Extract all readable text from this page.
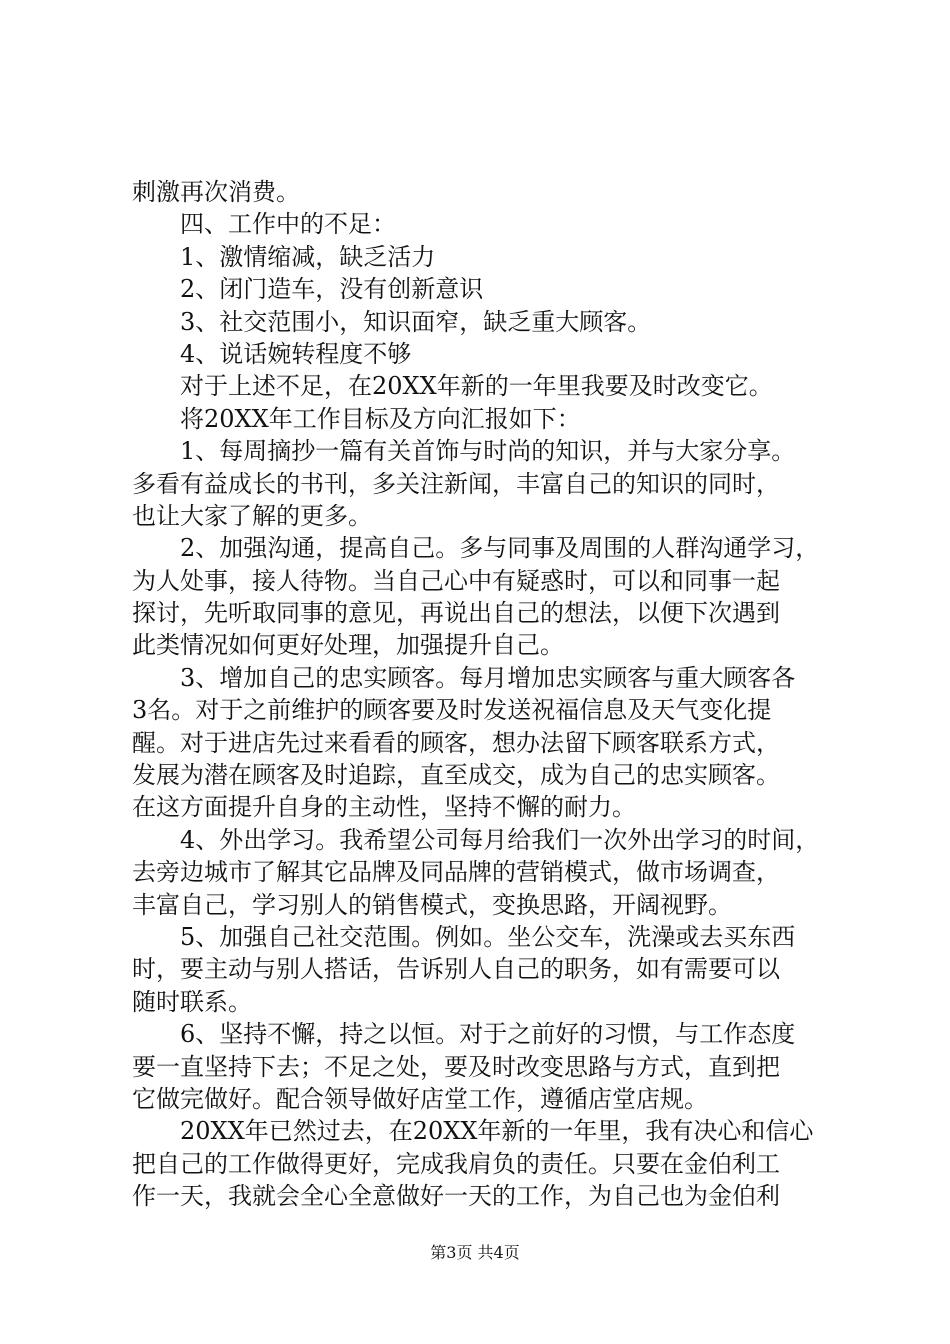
刺激再次消费。
四、工作中的不足：
1、激情缩减，缺乏活力
2、闭门造车，没有创新意识
3、社交范围小，知识面窄，缺乏重大顾客。
4、说话婉转程度不够
对于上述不足，在20XX年新的一年里我要及时改变它。
将20XX年工作目标及方向汇报如下：
1、每周摘抄一篇有关首饰与时尚的知识，并与大家分享。
多看有益成长的书刊，多关注新闻，丰富自己的知识的同时，
也让大家了解的更多。
2、加强沟通，提高自己。多与同事及周围的人群沟通学习，
为人处事，接人待物。当自己心中有疑惑时，可以和同事一起
探讨，先听取同事的意见，再说出自己的想法，以便下次遇到
此类情况如何更好处理，加强提升自己。
3、增加自己的忠实顾客。每月增加忠实顾客与重大顾客各
3名。对于之前维护的顾客要及时发送祝福信息及天气变化提
醒。对于进店先过来看看的顾客，想办法留下顾客联系方式，
发展为潜在顾客及时追踪，直至成交，成为自己的忠实顾客。
在这方面提升自身的主动性，坚持不懈的耐力。
4、外出学习。我希望公司每月给我们一次外出学习的时间，
去旁边城市了解其它品牌及同品牌的营销模式，做市场调查，
丰富自己，学习别人的销售模式，变换思路，开阔视野。
5、加强自己社交范围。例如。坐公交车，洗澡或去买东西
时，要主动与别人搭话，告诉别人自己的职务，如有需要可以
随时联系。
6、坚持不懈，持之以恒。对于之前好的习惯，与工作态度
要一直坚持下去；不足之处，要及时改变思路与方式，直到把
它做完做好。配合领导做好店堂工作，遵循店堂店规。
20XX年已然过去，在20XX年新的一年里，我有决心和信心
把自己的工作做得更好，完成我肩负的责任。只要在金伯利工
作一天，我就会全心全意做好一天的工作，为自己也为金伯利
第3页 共4页
